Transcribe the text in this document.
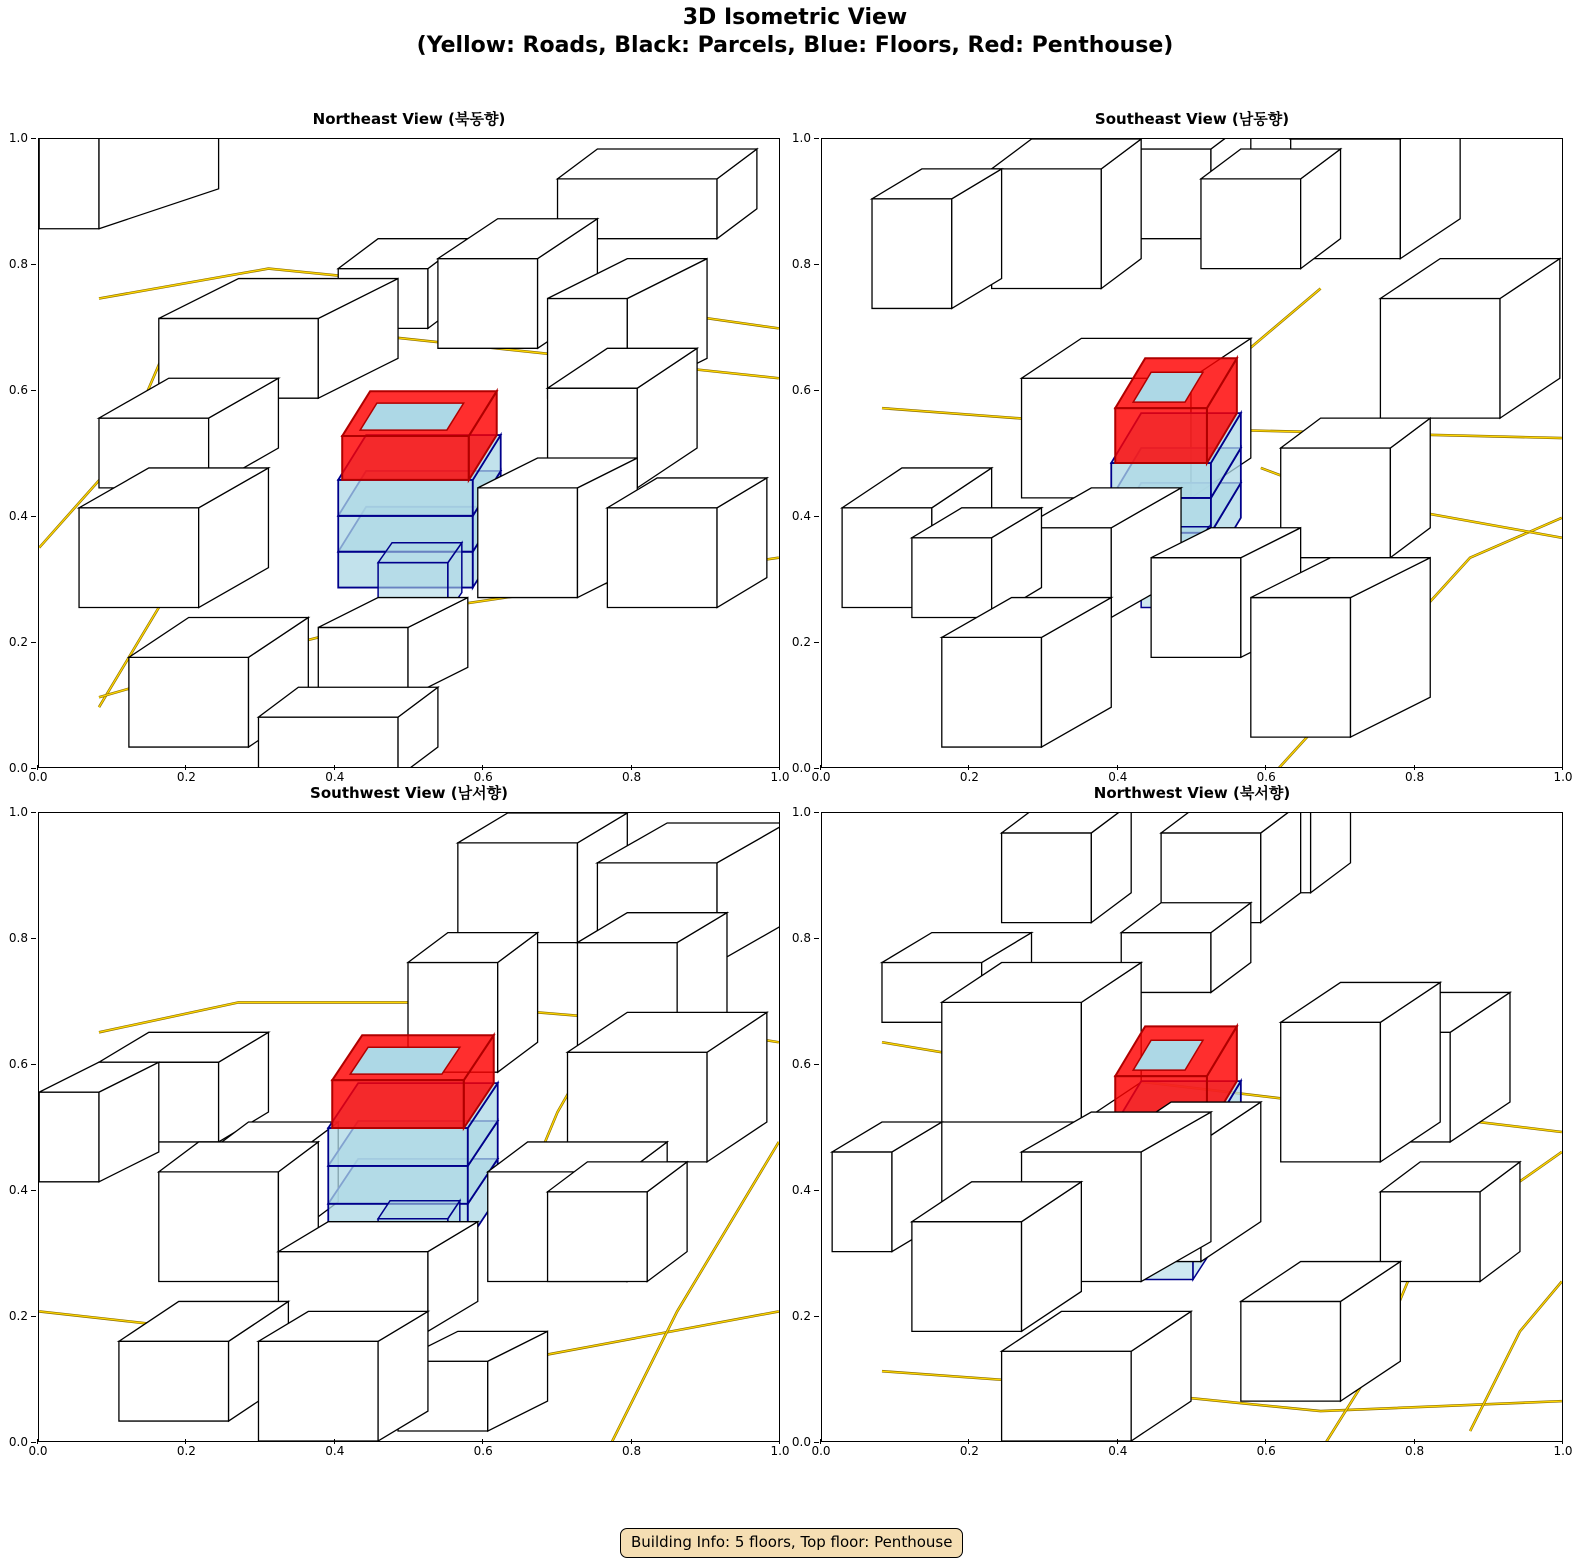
3D Isometric View
(Yellow: Roads, Black: Parcels, Blue: Floors, Red: Penthouse)
Northeast View (북동향)
1.0
0.8
0.6
0.4
0.2
0.0
0.0	0.2	0.4	0.6	0.8	1.0
Southeast View (남동향)
1.0
0.8
0.6
0.4
0.2
0.0
0.0	0.2	0.4	0.6	0.8	1.0
Southwest View (남서향)
1.0
0.8
0.6
0.4
0.2
0.0
0.0	0.2	0.4	0.6	0.8	1.0
Northwest View (북서향)
1.0
0.8
0.6
0.4
0.2
0.0
0.0	0.2	0.4	0.6	0.8	1.0
Building Info: 5 floors, Top floor: Penthouse
